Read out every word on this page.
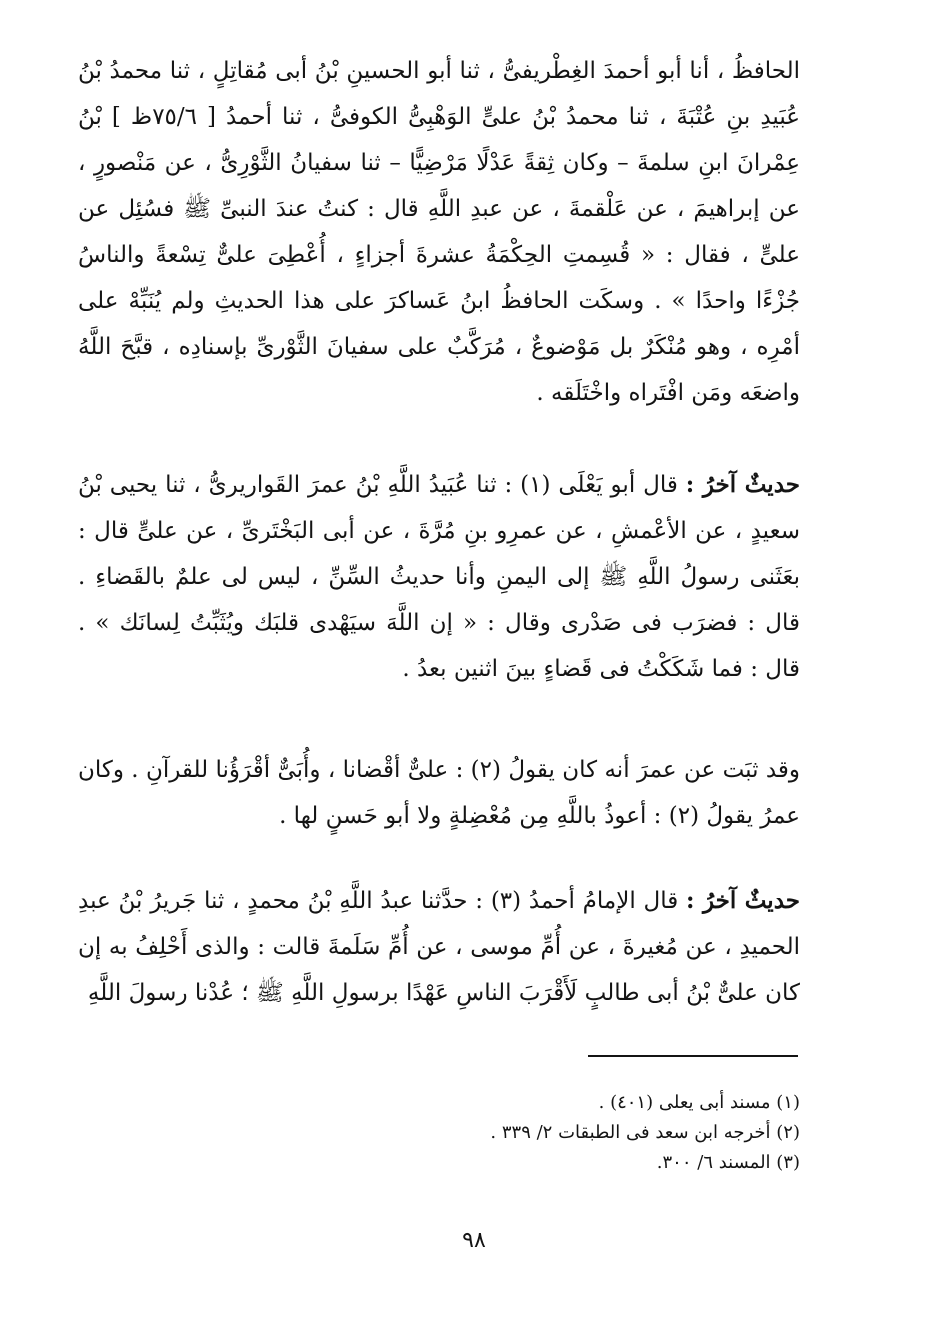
الحافظُ ، أنا أبو أحمدَ الغِطْريفىُّ ، ثنا أبو الحسينِ بْنُ أبى مُقاتِلٍ ، ثنا محمدُ بْنُ عُبَيدِ بنِ عُتْبَةَ ، ثنا محمدُ بْنُ علىٍّ الوَهْبِىُّ الكوفىُّ ، ثنا أحمدُ [ ٧٥/٦ظ ] بْنُ عِمْرانَ ابنِ سلمةَ – وكان ثِقةً عَدْلًا مَرْضِيًّا – ثنا سفيانُ الثَّوْرِىُّ ، عن مَنْصورٍ ، عن إبراهيمَ ، عن عَلْقمةَ ، عن عبدِ اللَّهِ قال : كنتُ عندَ النبىِّ ﷺ فسُئِل عن علىٍّ ، فقال : « قُسِمتِ الحِكْمَةُ عشرةَ أجزاءٍ ، أُعْطِىَ علىٌّ تِسْعةً والناسُ جُزْءًا واحدًا » . وسكَت الحافظُ ابنُ عَساكرَ على هذا الحديثِ ولم يُنَبِّهْ على أمْرِه ، وهو مُنْكَرٌ بل مَوْضوعٌ ، مُرَكَّبٌ على سفيانَ الثَّوْرىِّ بإسنادِه ، قبَّحَ اللَّهُ واضعَه ومَن افْتَراه واخْتَلَقه .
حديثٌ آخرُ : قال أبو يَعْلَى (١) : ثنا عُبَيدُ اللَّهِ بْنُ عمرَ القَواريرىُّ ، ثنا يحيى بْنُ سعيدٍ ، عن الأعْمشِ ، عن عمرِو بنِ مُرَّةَ ، عن أبى البَخْتَرىِّ ، عن علىٍّ قال : بعَثَنى رسولُ اللَّهِ ﷺ إلى اليمنِ وأنا حديثُ السِّنِّ ، ليس لى علمٌ بالقَضاءِ . قال : فضرَب فى صَدْرى وقال : « إن اللَّهَ سيَهْدى قلبَك ويُثَبِّتُ لِسانَك » . قال : فما شَكَكْتُ فى قَضاءٍ بينَ اثنين بعدُ .
وقد ثبَت عن عمرَ أنه كان يقولُ (٢) : علىٌّ أقْضانا ، وأُبَىٌّ أقْرَؤُنا للقرآنِ . وكان عمرُ يقولُ (٢) : أعوذُ باللَّهِ مِن مُعْضِلةٍ ولا أبو حَسنٍ لها .
حديثٌ آخرُ : قال الإمامُ أحمدُ (٣) : حدَّثنا عبدُ اللَّهِ بْنُ محمدٍ ، ثنا جَريرُ بْنُ عبدِ الحميدِ ، عن مُغيرةَ ، عن أُمِّ موسى ، عن أُمِّ سَلَمةَ قالت : والذى أَحْلِفُ به إن كان علىٌّ بْنُ أبى طالبٍ لَأَقْرَبَ الناسِ عَهْدًا برسولِ اللَّهِ ﷺ ؛ عُدْنا رسولَ اللَّهِ
(١) مسند أبى يعلى (٤٠١) .
(٢) أخرجه ابن سعد فى الطبقات ٢/ ٣٣٩ .
(٣) المسند ٦/ ٣٠٠.
٩٨
